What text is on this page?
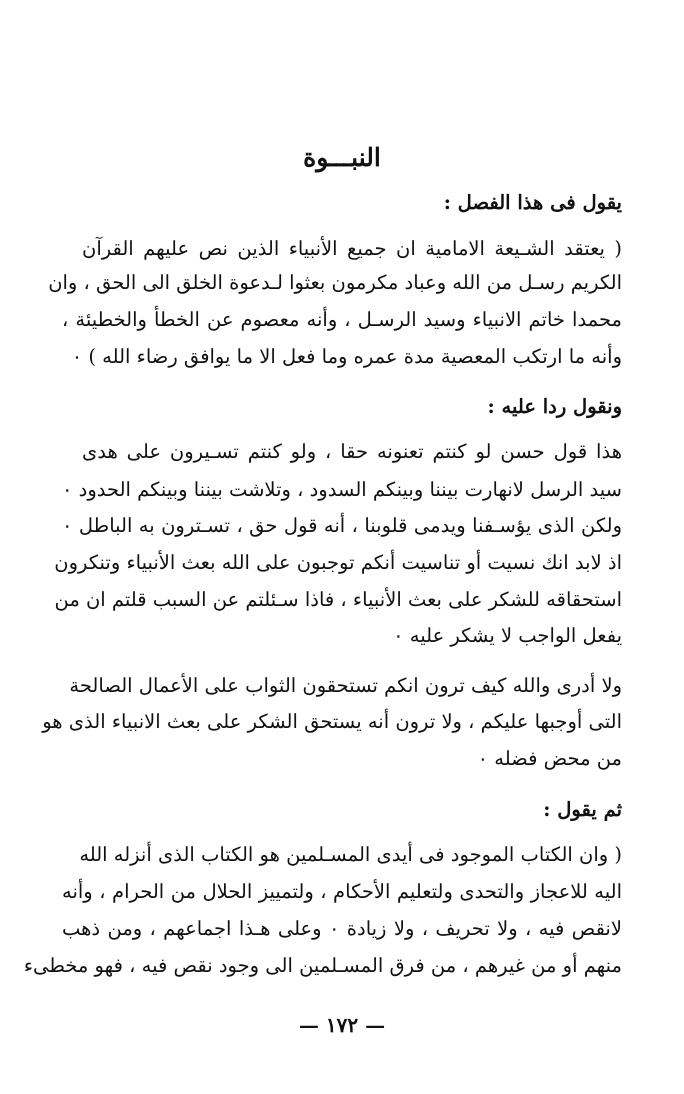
النبـــوة
يقول فى هذا الفصل :
( يعتقد الشـيعة الامامية ان جميع الأنبياء الذين نص عليهم القرآن
الكريم رسـل من الله وعباد مكرمون بعثوا لـدعوة الخلق الى الحق ، وان
محمدا خاتم الانبياء وسيد الرسـل ، وأنه معصوم عن الخطأ والخطيئة ،
وأنه ما ارتكب المعصية مدة عمره وما فعل الا ما يوافق رضاء الله ) ٠
ونقول ردا عليه :
هذا قول حسن لو كنتم تعنونه حقا ، ولو كنتم تسـيرون على هدى
سيد الرسل لانهارت بيننا وبينكم السدود ، وتلاشت بيننا وبينكم الحدود ٠
ولكن الذى يؤسـفنا ويدمى قلوبنا ، أنه قول حق ، تسـترون به الباطل ٠
اذ لابد انك نسيت أو تناسيت أنكم توجبون على الله بعث الأنبياء وتنكرون
استحقاقه للشكر على بعث الأنبياء ، فاذا سـئلتم عن السبب قلتم ان من
يفعل الواجب لا يشكر عليه ٠
ولا أدرى والله كيف ترون انكم تستحقون الثواب على الأعمال الصالحة
التى أوجبها عليكم ، ولا ترون أنه يستحق الشكر على بعث الانبياء الذى هو
من محض فضله ٠
ثم يقول :
( وان الكتاب الموجود فى أيدى المسـلمين هو الكتاب الذى أنزله الله
اليه للاعجاز والتحدى ولتعليم الأحكام ، ولتمييز الحلال من الحرام ، وأنه
لانقص فيه ، ولا تحريف ، ولا زيادة ٠ وعلى هـذا اجماعهم ، ومن ذهب
منهم أو من غيرهم ، من فرق المسـلمين الى وجود نقص فيه ، فهو مخطىء
— ١٧٢ —
